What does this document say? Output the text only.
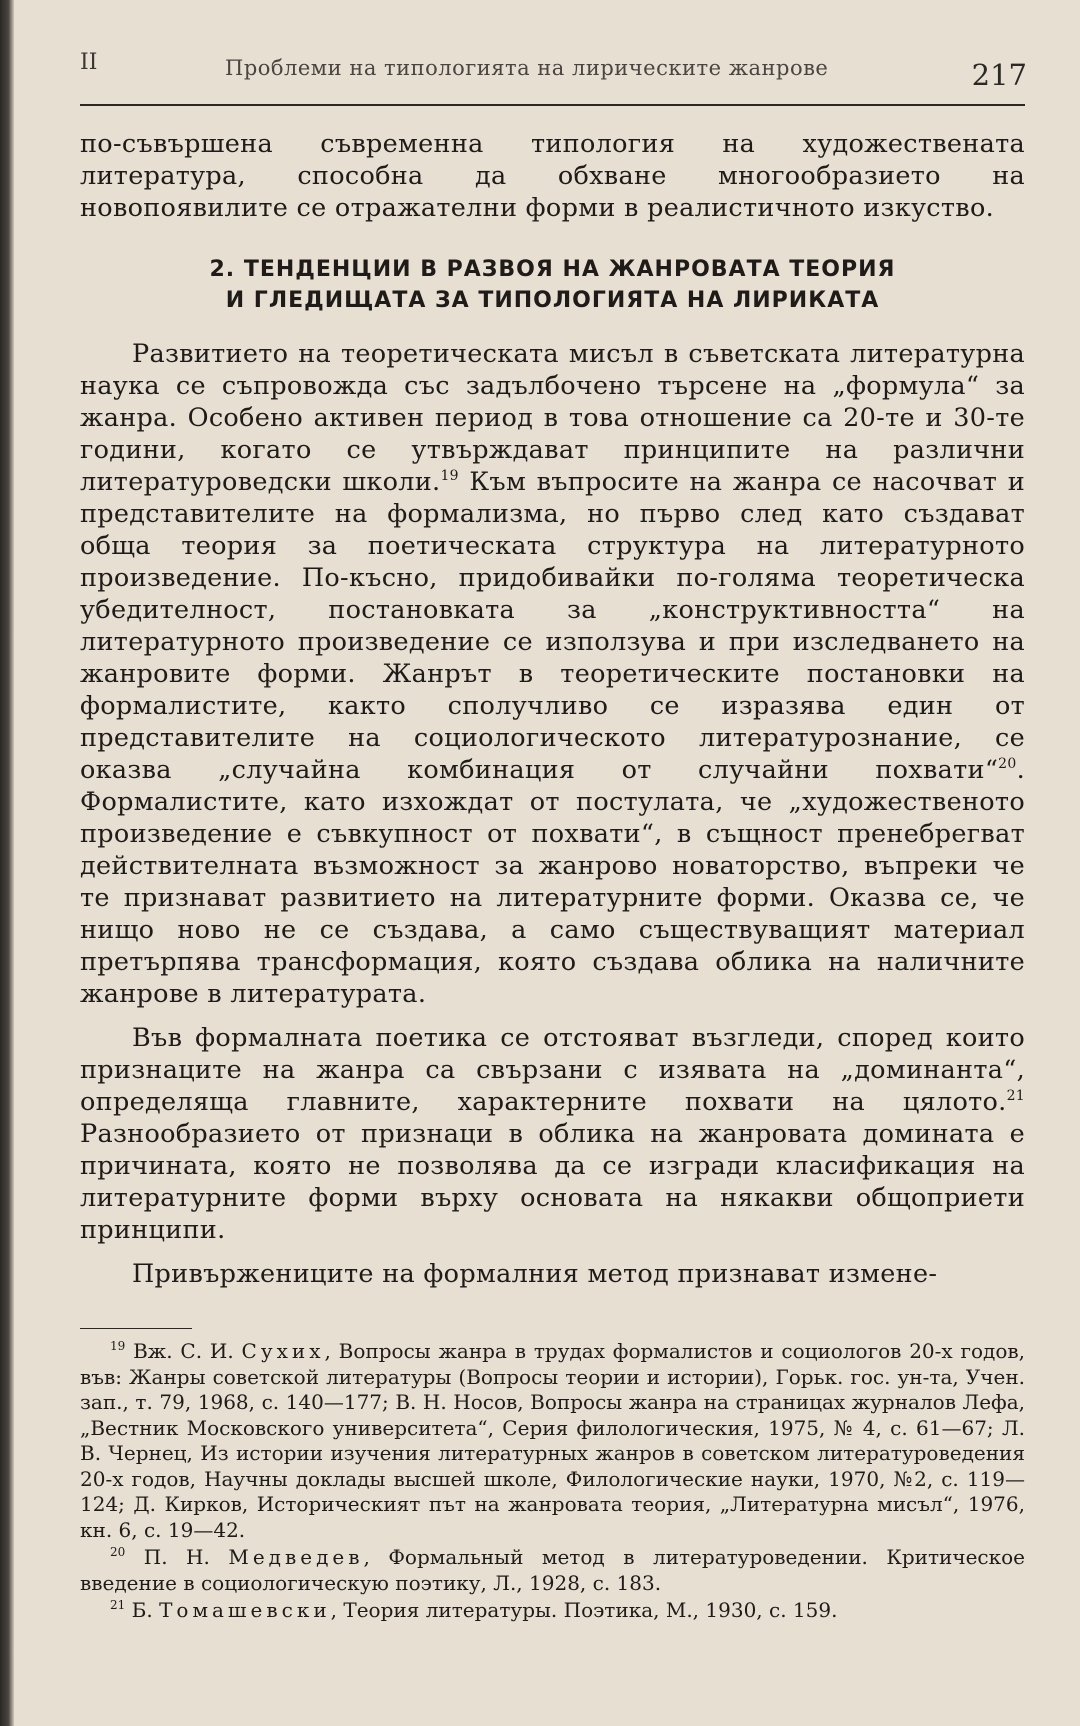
II	Проблеми на типологията на лирическите жанрове	217

по-съвършена съвременна типология на художествената литература, способна да обхване многообразието на новопоявилите се отражателни форми в реалистичното изкуство.

2. ТЕНДЕНЦИИ В РАЗВОЯ НА ЖАНРОВАТА ТЕОРИЯ
И ГЛЕДИЩАТА ЗА ТИПОЛОГИЯТА НА ЛИРИКАТА

Развитието на теоретическата мисъл в съветската литературна наука се съпровожда със задълбочено търсене на „формула“ за жанра. Особено активен период в това отношение са 20-те и 30-те години, когато се утвърждават принципите на различни литературоведски школи.$^{19}$ Към въпросите на жанра се насочват и представителите на формализма, но първо след като създават обща теория за поетическата структура на литературното произведение. По-късно, придобивайки по-голяма теоретическа убедителност, постановката за „конструктивността“ на литературното произведение се използува и при изследването на жанровите форми. Жанрът в теоретическите постановки на формалистите, както сполучливо се изразява един от представителите на социологическото литературознание, се оказва „случайна комбинация от случайни похвати“$^{20}$. Формалистите, като изхождат от постулата, че „художественото произведение е съвкупност от похвати“, в същност пренебрегват действителната възможност за жанрово новаторство, въпреки че те признават развитието на литературните форми. Оказва се, че нищо ново не се създава, а само съществуващият материал претърпява трансформация, която създава облика на наличните жанрове в литературата.

Във формалната поетика се отстояват възгледи, според които признаците на жанра са свързани с изявата на „доминанта“, определяща главните, характерните похвати на цялото.$^{21}$ Разнообразието от признаци в облика на жанровата домината е причината, която не позволява да се изгради класификация на литературните форми върху основата на някакви общоприети принципи.

Привържениците на формалния метод признават измене-

$^{19}$ Вж. С. И. Сухих, Вопросы жанра в трудах формалистов и социологов 20-х годов, във: Жанры советской литературы (Вопросы теории и истории), Горьк. гос. ун-та, Учен. зап., т. 79, 1968, с. 140—177; В. Н. Носов, Вопросы жанра на страницах журналов Лефа, „Вестник Московского университета“, Серия филологическия, 1975, № 4, с. 61—67; Л. В. Чернец, Из истории изучения литературных жанров в советском литературоведения 20-х годов, Научны доклады высшей школе, Филологические науки, 1970, №2, с. 119—124; Д. Кирков, Историческият път на жанровата теория, „Литературна мисъл“, 1976, кн. 6, с. 19—42.

$^{20}$ П. Н. Медведев, Формальный метод в литературоведении. Критическое введение в социологическую поэтику, Л., 1928, с. 183.

$^{21}$ Б. Томашевски, Теория литературы. Поэтика, М., 1930, с. 159.
